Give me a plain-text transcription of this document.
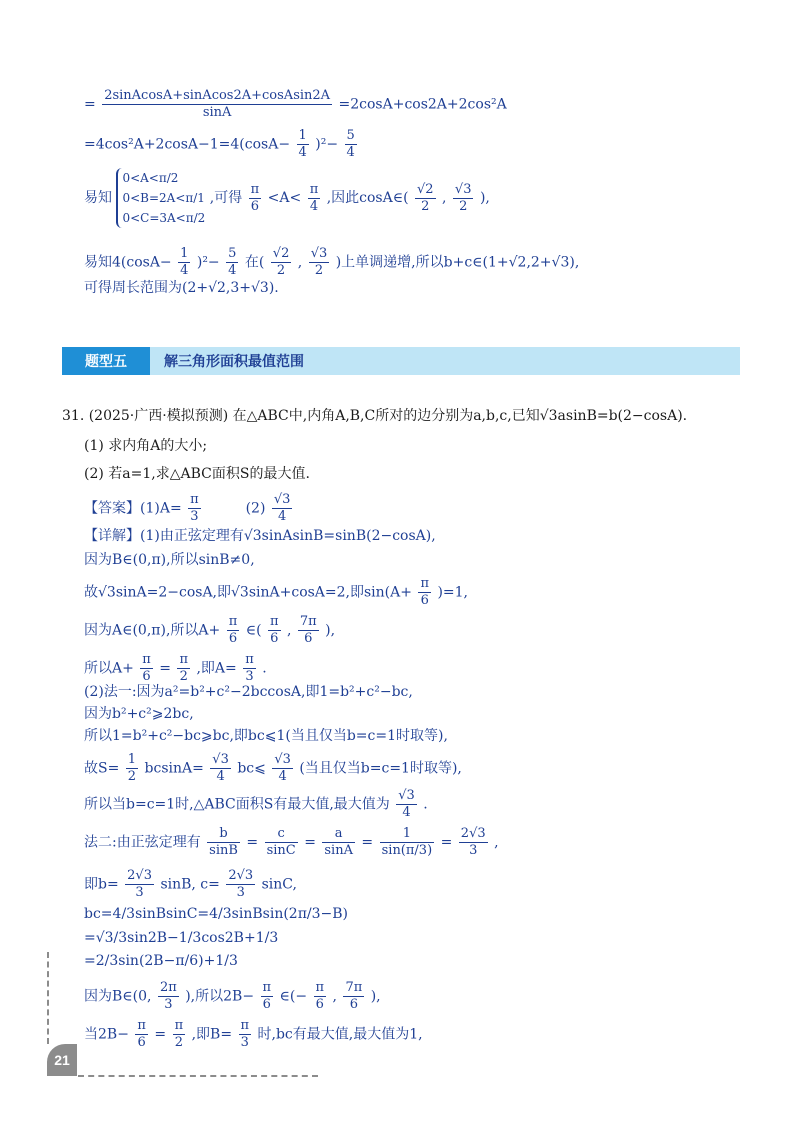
= $\frac{\text{2sinAcosA+sinAcos2A+cosAsin2A}}{\sin A} =2\cos A+\cos 2A+2\cos^2A$
$=4\cos^2A+2\cos A-1=4(\cos A- \frac{1}{4} )^2- \frac{5}{4}$
易知
0<A<π/2
0<B=2A<π/1
0<C=3A<π/2
,可得 $\frac{\pi}{6} <A< \frac{\pi}{4}$ ,因此cosA∈( $\frac{√2}{2}$ , $\frac{√3}{2}$ ),
易知$4(\cos A- \frac{1}{4} )^2- \frac{5}{4}$ 在( $\frac{√2}{2}$ , $\frac{√3}{2}$ )上单调递增,所以b+c∈(1+√2,2+√3),
可得周长范围为(2+√2,3+√3).
题型五	解三角形面积最值范围
31. (2025·广西·模拟预测) 在△ABC中,内角A,B,C所对的边分别为a,b,c,已知√3asinB=b(2−cosA).
(1) 求内角A的大小;
(2) 若a=1,求△ABC面积S的最大值.
【答案】$(1)A= \frac{\pi}{3}$	$(2) \frac{√3}{4}$
【详解】(1)由正弦定理有√3sinAsinB=sinB(2−cosA),
因为B∈(0,π),所以sinB≠0,
故√3sinA=2−cosA,即√3sinA+cosA=2,即$\sin(A+ \frac{\pi}{6} )=1$,
因为A∈(0,π),所以$A+ \frac{\pi}{6}$ ∈( $\frac{\pi}{6}$ , $\frac{7\pi}{6}$ ),
所以$A+ \frac{\pi}{6} = \frac{\pi}{2}$ ,即$A= \frac{\pi}{3}$ .
(2)法一:因为a²=b²+c²−2bccosA,即1=b²+c²−bc,
因为b²+c²⩾2bc,
所以1=b²+c²−bc⩾bc,即bc⩽1(当且仅当b=c=1时取等),
故$S= \frac{1}{2} bcsinA= \frac{√3}{4}$ bc⩽ $\frac{√3}{4}$ (当且仅当b=c=1时取等),
所以当b=c=1时,△ABC面积S有最大值,最大值为 $\frac{√3}{4}$ .
法二:由正弦定理有 $\frac{b}{\sin B} = \frac{c}{\sin C} = \frac{a}{\sin A} = \frac{1}{\sin(\pi/3)} = \frac{2√3}{3}$ ,
即$b= \frac{2√3}{3} \sin B$, $c= \frac{2√3}{3} \sin C$,
bc=4/3sinBsinC=4/3sinBsin(2π/3−B)
=√3/3sin2B−1/3cos2B+1/3
=2/3sin(2B−π/6)+1/3
因为B∈(0, $\frac{2\pi}{3}$ ),所以$2B- \frac{\pi}{6}$ ∈(− $\frac{\pi}{6}$ , $\frac{7\pi}{6}$ ),
当$2B- \frac{\pi}{6} = \frac{\pi}{2}$ ,即$B= \frac{\pi}{3}$ 时,bc有最大值,最大值为1,
21
